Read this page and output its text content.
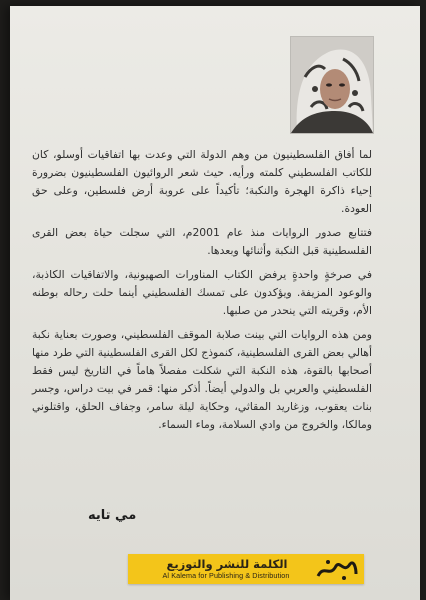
لما أفاق الفلسطينيون من وهم الدولة التي وعدت بها اتفاقيات أوسلو، كان للكاتب الفلسطيني كلمته ورأيه. حيث شعر الروائيون الفلسطينيون بضرورة إحياء ذاكرة الهجرة والنكبة؛ تأكيداً على عروبة أرض فلسطين، وعلى حق العودة.

فتتابع صدور الروايات منذ عام 2001م، التي سجلت حياة بعض القرى الفلسطينية قبل النكبة وأثنائها وبعدها.

في صرخةٍ واحدةٍ يرفض الكتاب المناورات الصهيونية، والاتفاقيات الكاذبة، والوعود المزيفة. ويؤكدون على تمسك الفلسطيني أينما حلت رحاله بوطنه الأم، وقريته التي ينحدر من صلبها.

ومن هذه الروايات التي بينت صلابة الموقف الفلسطيني، وصورت بعناية نكبة أهالي بعض القرى الفلسطينية، كنموذج لكل القرى الفلسطينية التي طرد منها أصحابها بالقوة، هذه النكبة التي شكلت مفصلاً هاماً في التاريخ ليس فقط الفلسطيني والعربي بل والدولي أيضاً. أذكر منها: قمر في بيت دراس، وجسر بنات يعقوب، وزغاريد المقاثي، وحكاية ليلة سامر، وجفاف الحلق، واقتلوني ومالكا، والخروج من وادي السلامة، وماء السماء.

مي تايه
الكلمة للنشر والتوزيع
Al Kalema for Publishing & Distribution
